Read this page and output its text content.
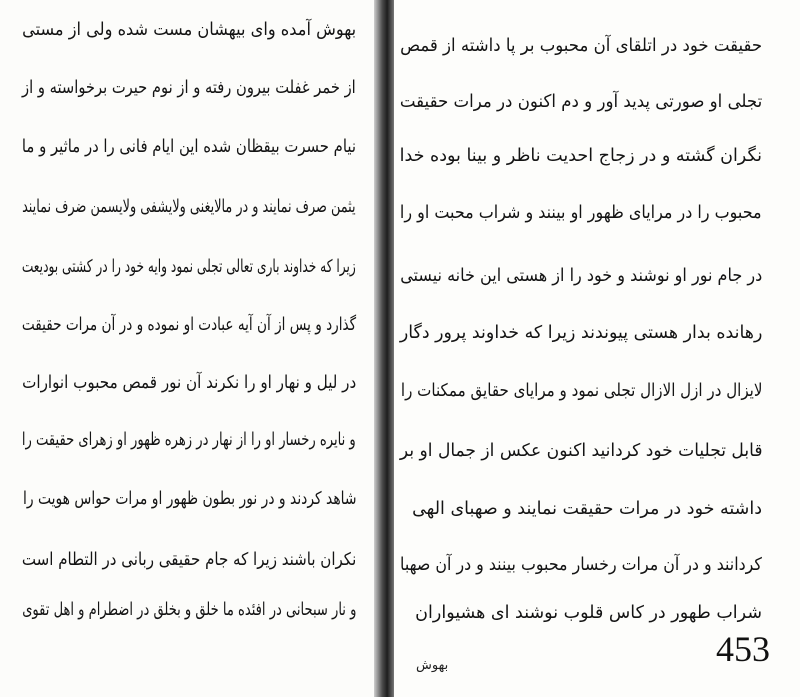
بهوش آمده وای بیهشان مست شده ولی از مستی
از خمر غفلت بیرون رفته و از نوم حیرت برخواسته و از
نیام حسرت بیقظان شده این ایام فانی را در ماثیر و ما
یثمن صرف نمایند و در مالایغنی ولایشفی ولایسمن ضرف نمایند
زیرا که خداوند باری تعالی تجلی نمود وایه خود را در کشتی بودیعت
گذارد و پس از آن آیه عبادت او نموده و در آن مرات حقیقت
در لیل و نهار او را نکرند آن نور قمص محبوب انوارات
و نایره رخسار او را از نهار در زهره ظهور او زهرای حقیقت را
شاهد کردند و در نور بطون ظهور او مرات حواس هویت را
نکران باشند زیرا که جام حقیقی ربانی در التطام است
و نار سبحانی در افئده ما خلق و بخلق در اضطرام و اهل تقوی
حقیقت خود در اتلقای آن محبوب بر پا داشته از قمص
تجلی او صورتی پدید آور و دم اکنون در مرات حقیقت
نگران گشته و در زجاج احدیت ناظر و بینا بوده خدا
محبوب را در مرایای ظهور او بینند و شراب محبت او را
در جام نور او نوشند و خود را از هستی این خانه نیستی
رهانده بدار هستی پیوندند زیرا که خداوند پرور دگار
لایزال در ازل الازال تجلی نمود و مرایای حقایق ممکنات را
قابل تجلیات خود کردانید اکنون عکس از جمال او بر
داشته خود در مرات حقیقت نمایند و صهبای الهی
کردانند و در آن مرات رخسار محبوب بینند و در آن صهبا
شراب طهور در کاس قلوب نوشند ای هشیواران
بهوش	453
